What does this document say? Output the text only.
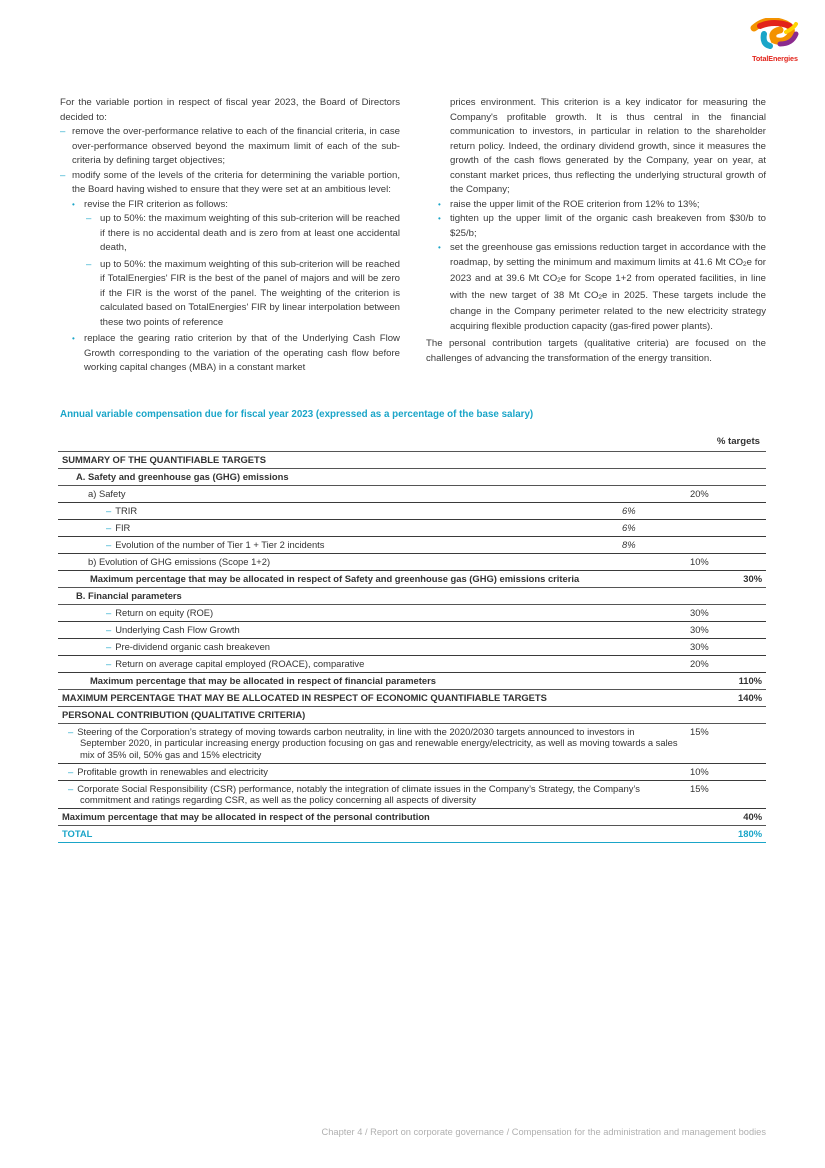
TotalEnergies

For the variable portion in respect of fiscal year 2023, the Board of Directors decided to:

– remove the over-performance relative to each of the financial criteria, in case over-performance observed beyond the maximum limit of each of the sub-criteria by defining target objectives;
– modify some of the levels of the criteria for determining the variable portion, the Board having wished to ensure that they were set at an ambitious level:
• revise the FIR criterion as follows:
– up to 50%: the maximum weighting of this sub-criterion will be reached if there is no accidental death and is zero from at least one accidental death,
– up to 50%: the maximum weighting of this sub-criterion will be reached if TotalEnergies' FIR is the best of the panel of majors and will be zero if the FIR is the worst of the panel. The weighting of the criterion is calculated based on TotalEnergies' FIR by linear interpolation between these two points of reference
• replace the gearing ratio criterion by that of the Underlying Cash Flow Growth corresponding to the variation of the operating cash flow before working capital changes (MBA) in a constant market
prices environment. This criterion is a key indicator for measuring the Company's profitable growth. It is thus central in the financial communication to investors, in particular in relation to the shareholder return policy. Indeed, the ordinary dividend growth, since it measures the growth of the cash flows generated by the Company, year on year, at constant market prices, thus reflecting the underlying structural growth of the Company;
• raise the upper limit of the ROE criterion from 12% to 13%;
• tighten up the upper limit of the organic cash breakeven from $30/b to $25/b;
• set the greenhouse gas emissions reduction target in accordance with the roadmap, by setting the minimum and maximum limits at 41.6 Mt CO2e for 2023 and at 39.6 Mt CO2e for Scope 1+2 from operated facilities, in line with the new target of 38 Mt CO2e in 2025. These targets include the change in the Company perimeter related to the new electricity strategy acquiring flexible production capacity (gas-fired power plants).

The personal contribution targets (qualitative criteria) are focused on the challenges of advancing the transformation of the energy transition.

Annual variable compensation due for fiscal year 2023 (expressed as a percentage of the base salary)
% targets
SUMMARY OF THE QUANTIFIABLE TARGETS		
A. Safety and greenhouse gas (GHG) emissions		
a) Safety		20%
– TRIR	6%	
– FIR	6%	
– Evolution of the number of Tier 1 + Tier 2 incidents	8%	
b) Evolution of GHG emissions (Scope 1+2)		10%
Maximum percentage that may be allocated in respect of Safety and greenhouse gas (GHG) emissions criteria		30%
B. Financial parameters		
– Return on equity (ROE)		30%
– Underlying Cash Flow Growth		30%
– Pre-dividend organic cash breakeven		30%
– Return on average capital employed (ROACE), comparative		20%
Maximum percentage that may be allocated in respect of financial parameters		110%
MAXIMUM PERCENTAGE THAT MAY BE ALLOCATED IN RESPECT OF ECONOMIC QUANTIFIABLE TARGETS		140%
PERSONAL CONTRIBUTION (QUALITATIVE CRITERIA)		

– Steering of the Corporation’s strategy of moving towards carbon neutrality, in line with the 2020/2030 targets announced to investors in September 2020, in particular increasing energy production focusing on gas and renewable energy/electricity, as well as moving towards a sales mix of 35% oil, 50% gas and 15% electricity		15%

– Profitable growth in renewables and electricity		10%

– Corporate Social Responsibility (CSR) performance, notably the integration of climate issues in the Company’s Strategy, the Company’s commitment and ratings regarding CSR, as well as the policy concerning all aspects of diversity		15%
Maximum percentage that may be allocated in respect of the personal contribution		40%
TOTAL		180%
Chapter 4 / Report on corporate governance / Compensation for the administration and management bodies
